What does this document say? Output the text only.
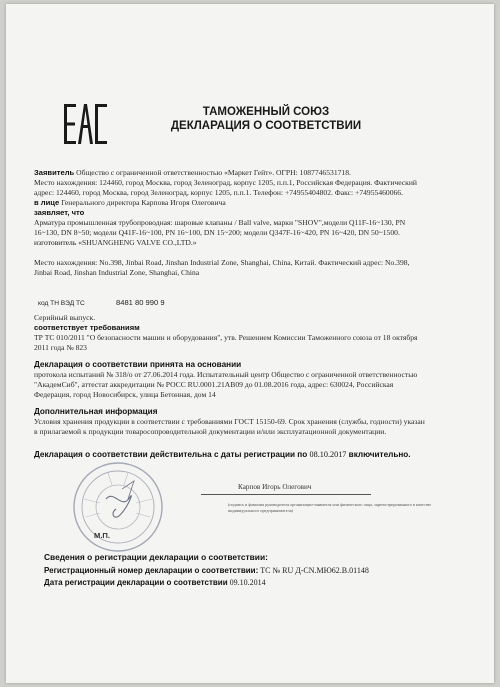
ТАМОЖЕННЫЙ СОЮЗ
ДЕКЛАРАЦИЯ О СООТВЕТСТВИИ
Заявитель Общество с ограниченной ответственностью «Маркет Гейт». ОГРН: 1087746531718.
Место нахождения: 124460, город Москва, город Зеленоград, корпус 1205, п.п.1, Российская Федерация. Фактический
адрес: 124460, город Москва, город Зеленоград, корпус 1205, п.п.1. Телефон: +74955404802. Факс: +74955460066.
в лице Генерального директора Карпова Игоря Олеговича
заявляет, что
Арматура промышленная трубопроводная: шаровые клапаны / Ball valve, марки "SHOV",модели Q11F-16~130, PN
16~130, DN 8~50; модели Q41F-16~100, PN 16~100, DN 15~200; модели Q347F-16~420, PN 16~420, DN 50~1500.
изготовитель «SHUANGHENG VALVE CO.,LTD.»
Место нахождения: No.398, Jinbai Road, Jinshan Industrial Zone, Shanghai, China, Китай. Фактический адрес: No.398,
Jinbai Road, Jinshan Industrial Zone, Shanghai, China
код ТН ВЭД ТС	8481 80 990 9
Серийный выпуск.
соответствует требованиям
ТР ТС 010/2011 "О безопасности машин и оборудования", утв. Решением Комиссии Таможенного союза от 18 октября
2011 года № 823
Декларация о соответствии принята на основании
протокола испытаний № 318/о от 27.06.2014 года. Испытательный центр Общество с ограниченной ответственностью
"АкадемСиб", аттестат аккредитации № РОСС RU.0001.21АВ09 до 01.08.2016 года, адрес: 630024, Российская
Федерация, город Новосибирск, улица Бетонная, дом 14
Дополнительная информация
Условия хранения продукции в соответствии с требованиями ГОСТ 15150-69. Срок хранения (службы, годности) указан
в прилагаемой к продукции товаросопроводительной документации и/или эксплуатационной документации.
Декларация о соответствии действительна с даты регистрации по 08.10.2017 включительно.
Карпов Игорь Олегович
(подпись и фамилия руководителя организации-заявителя или физического лица, зарегистрированного в качестве
индивидуального предпринимателя)
М.П.
Сведения о регистрации декларации о соответствии:
Регистрационный номер декларации о соответствии: ТС № RU Д-CN.МЮ62.В.01148
Дата регистрации декларации о соответствии 09.10.2014
